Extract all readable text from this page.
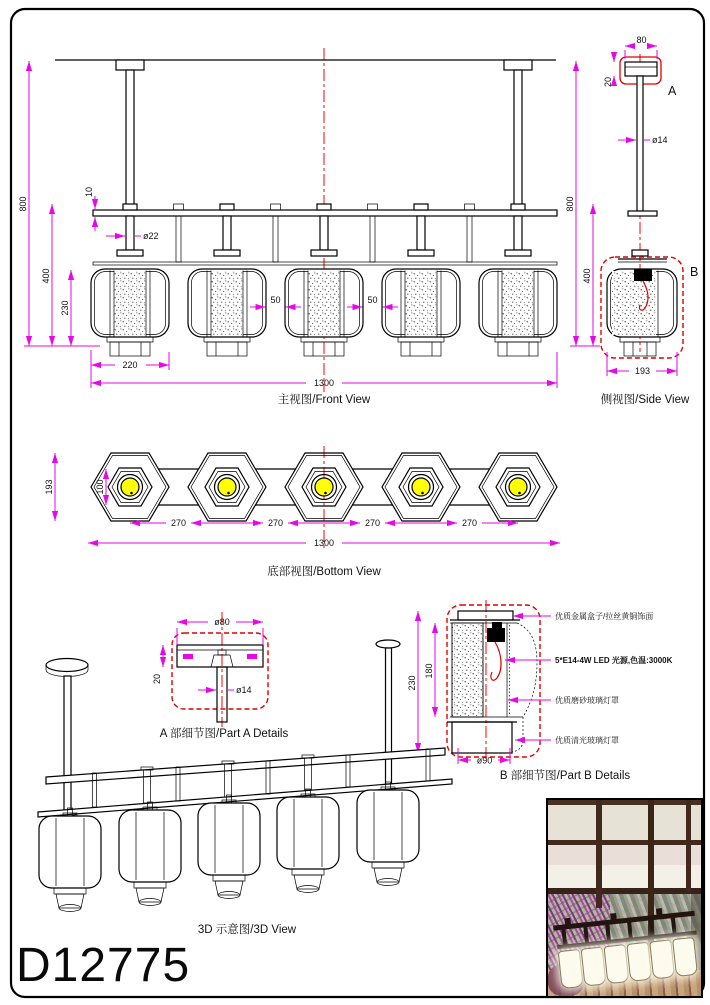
800
400
230
10
ø22
50	50
220
1300
主视图/Front View
A
ø14
80
20
800
400	B
193
侧视图/Side View
193	100
270	270	270	270
1300
底部视图/Bottom View
ø80
20
ø14
A 部细节图/Part A Details
230
180
ø90
优质金属盒子/拉丝黄铜饰面
5*E14-4W LED 光源,色温:3000K
优质磨砂玻璃灯罩
优质清光玻璃灯罩
B 部细节图/Part B Details
3D 示意图/3D View
D12775
